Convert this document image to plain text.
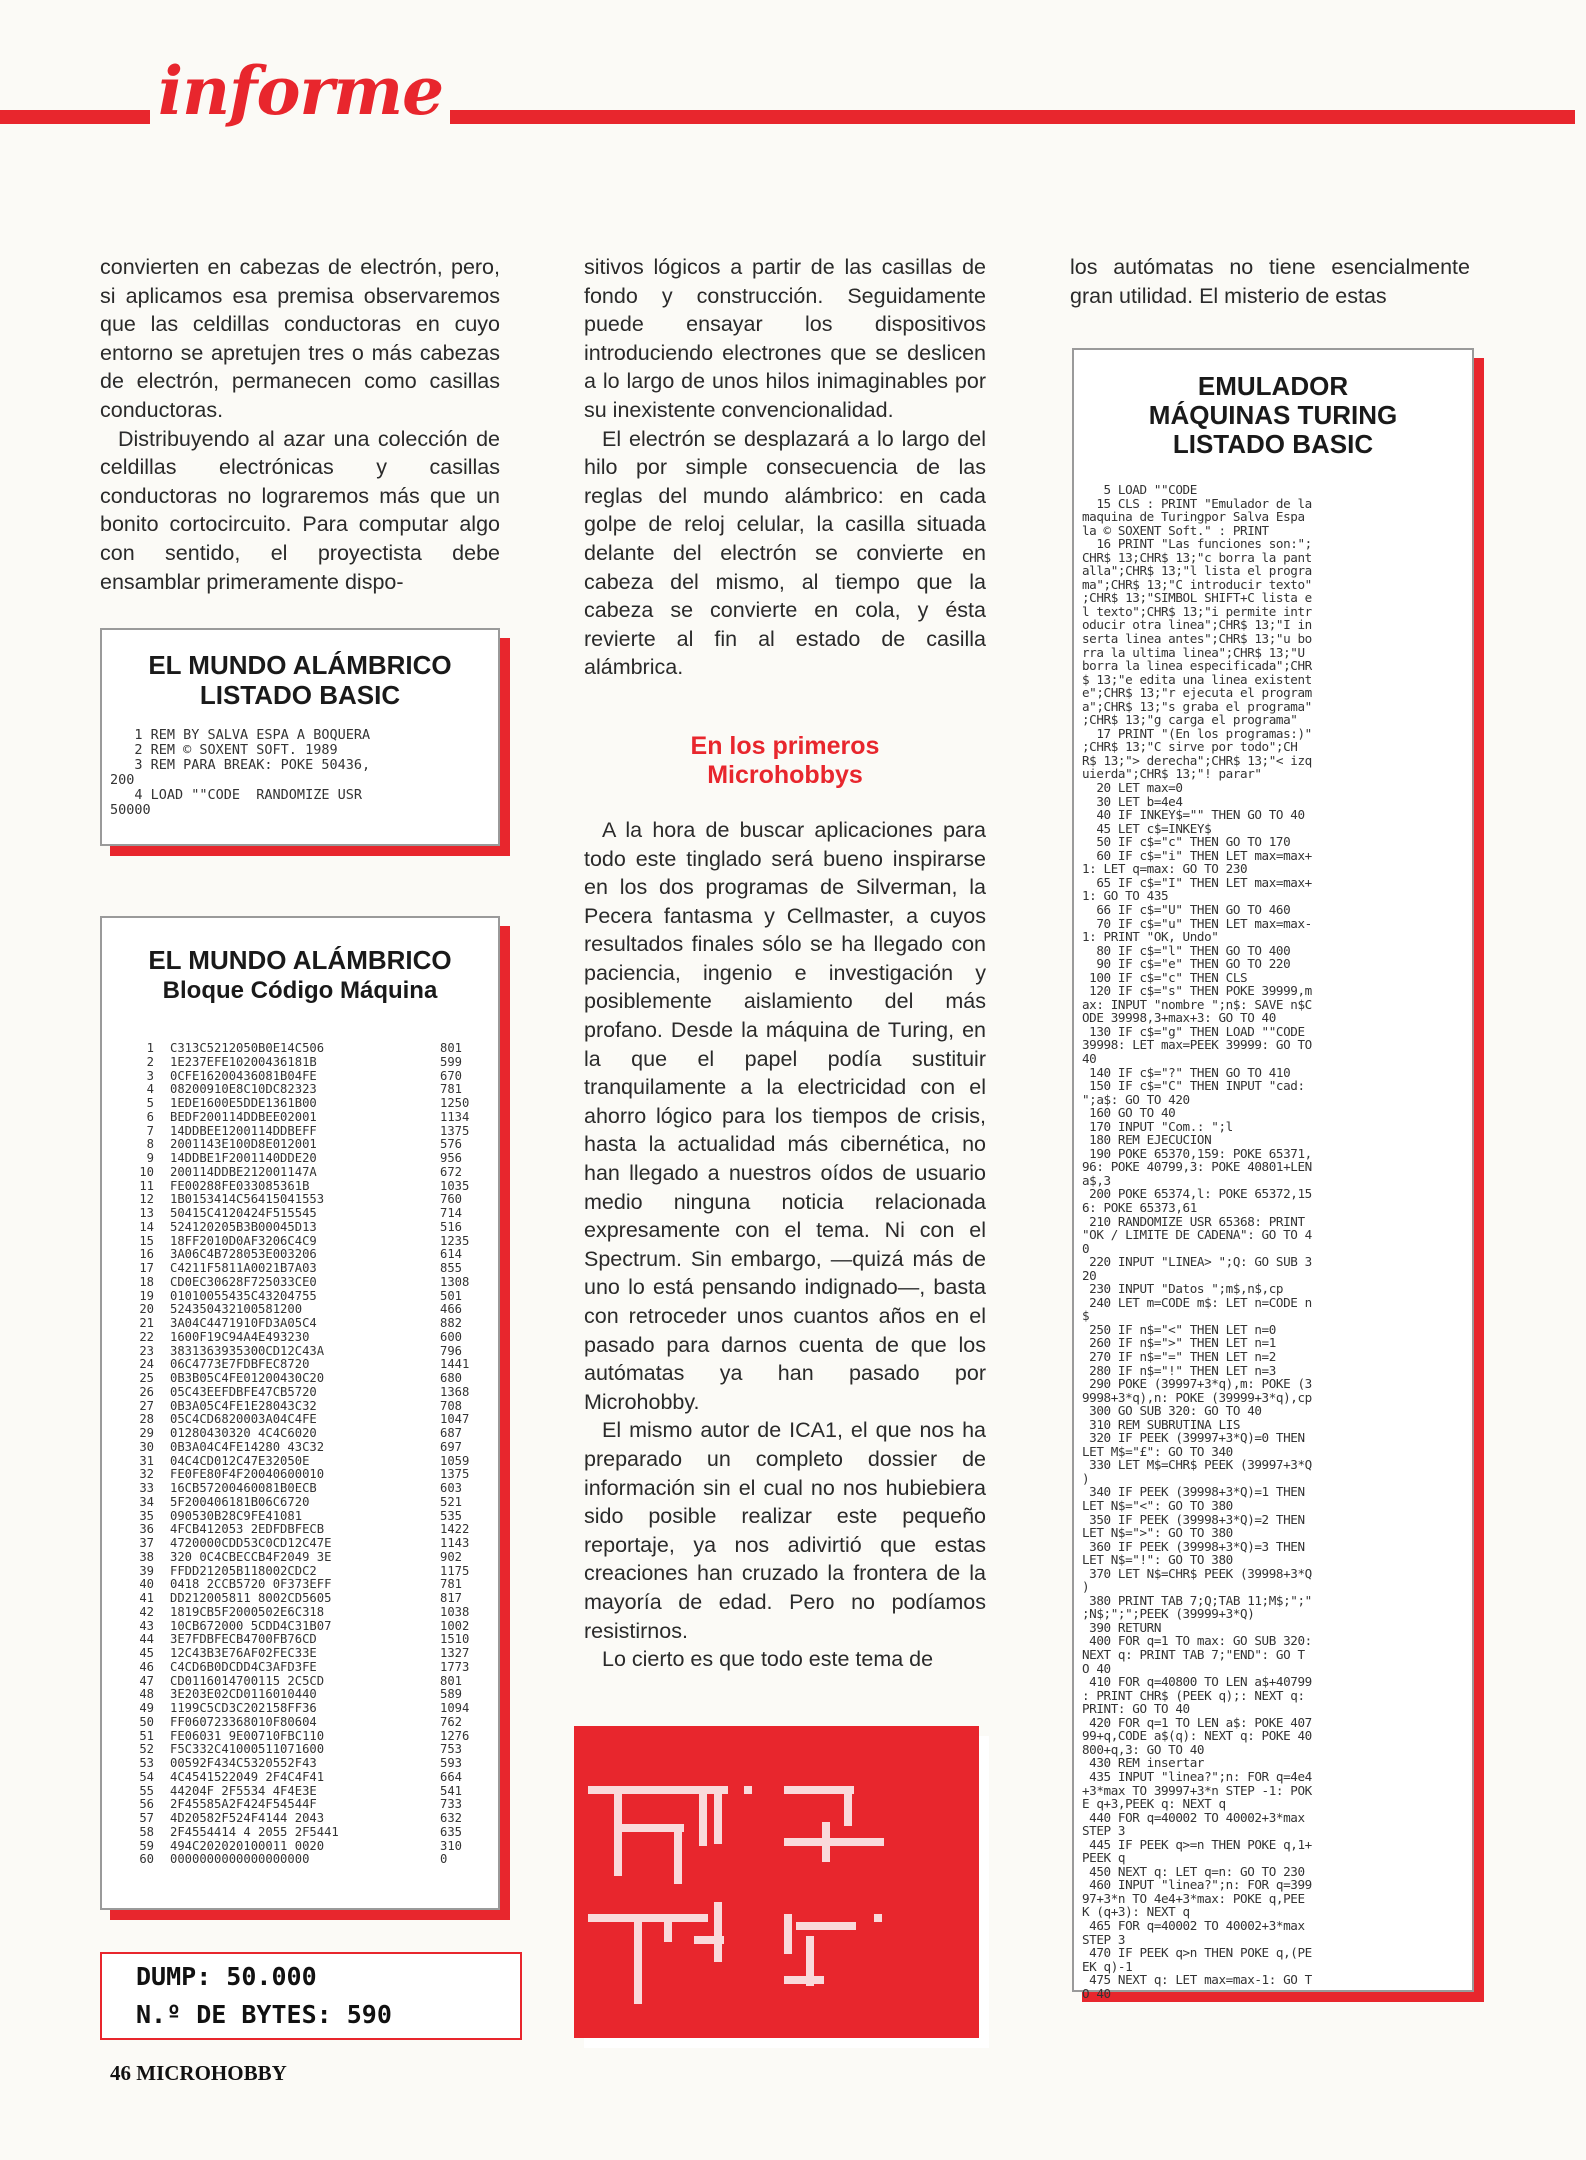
informe

convierten en cabezas de electrón, pero, si aplicamos esa premisa observaremos que las celdillas conductoras en cuyo entorno se apretujen tres o más cabezas de electrón, permanecen como casillas conductoras.

Distribuyendo al azar una colección de celdillas electrónicas y casillas conductoras no lograremos más que un bonito cortocircuito. Para computar algo con sentido, el proyectista debe ensamblar primeramente dispo-

EL MUNDO ALÁMBRICO
LISTADO BASIC
1 REM BY SALVA ESPA A BOQUERA
2 REM © SOXENT SOFT. 1989
3 REM PARA BREAK: POKE 50436,
200
4 LOAD ""CODE  RANDOMIZE USR
50000
EL MUNDO ALÁMBRICO
Bloque Código Máquina
1	C313C5212050B0E14C506	801
2	1E237EFE10200436181B	599
3	0CFE16200436081B04FE	670
4	08200910E8C10DC82323	781
5	1EDE1600E5DDE1361B00	1250
6	BEDF200114DDBEE02001	1134
7	14DDBEE1200114DDBEFF	1375
8	2001143E100D8E012001	576
9	14DDBE1F2001140DDE20	956
10	200114DDBE212001147A	672
11	FE00288FE033085361B	1035
12	1B0153414C56415041553	760
13	50415C4120424F515545	714
14	524120205B3B00045D13	516
15	18FF2010D0AF3206C4C9	1235
16	3A06C4B728053E003206	614
17	C4211F5811A0021B7A03	855
18	CD0EC30628F725033CE0	1308
19	01010055435C43204755	501
20	524350432100581200	466
21	3A04C4471910FD3A05C4	882
22	1600F19C94A4E493230	600
23	3831363935300CD12C43A	796
24	06C4773E7FDBFEC8720	1441
25	0B3B05C4FE01200430C20	680
26	05C43EEFDBFE47CB5720	1368
27	0B3A05C4FE1E28043C32	708
28	05C4CD6820003A04C4FE	1047
29	01280430320 4C4C6020	687
30	0B3A04C4FE14280 43C32	697
31	04C4CD012C47E32050E	1059
32	FE0FE80F4F20040600010	1375
33	16CB57200460081B0ECB	603
34	5F200406181B06C6720	521
35	090530B28C9FE41081	535
36	4FCB412053 2EDFDBFECB	1422
37	4720000CDD53C0CD12C47E	1143
38	320 0C4CBECCB4F2049 3E	902
39	FFDD21205B118002CDC2	1175
40	0418 2CCB5720 0F373EFF	781
41	DD212005811 8002CD5605	817
42	1819CB5F2000502E6C318	1038
43	10CB672000 5CDD4C31B07	1002
44	3E7FDBFECB4700FB76CD	1510
45	12C43B3E76AF02FEC33E	1327
46	C4CD6B0DCDD4C3AFD3FE	1773
47	CD0116014700115 2C5CD	801
48	3E203E02CD0116010440	589
49	1199C5CD3C202158FF36	1094
50	FF060723368010F80604	762
51	FE06031 9E00710FBC110	1276
52	F5C332C41000511071600	753
53	00592F434C5320552F43	593
54	4C4541522049 2F4C4F41	664
55	44204F 2F5534 4F4E3E	541
56	2F45585A2F424F54544F	733
57	4D20582F524F4144 2043	632
58	2F4554414 4 2055 2F5441	635
59	494C202020100011 0020	310
60	0000000000000000000	0
DUMP: 50.000
N.º DE BYTES: 590
46 MICROHOBBY

sitivos lógicos a partir de las casillas de fondo y construcción. Seguidamente puede ensayar los dispositivos introduciendo electrones que se deslicen a lo largo de unos hilos inimaginables por su inexistente convencionalidad.

El electrón se desplazará a lo largo del hilo por simple consecuencia de las reglas del mundo alámbrico: en cada golpe de reloj celular, la casilla situada delante del electrón se convierte en cabeza del mismo, al tiempo que la cabeza se convierte en cola, y ésta revierte al fin al estado de casilla alámbrica.

En los primeros
Microhobbys

A la hora de buscar aplicaciones para todo este tinglado será bueno inspirarse en los dos programas de Silverman, la Pecera fantasma y Cellmaster, a cuyos resultados finales sólo se ha llegado con paciencia, ingenio e investigación y posiblemente aislamiento del más profano. Desde la máquina de Turing, en la que el papel podía sustituir tranquilamente a la electricidad con el ahorro lógico para los tiempos de crisis, hasta la actualidad más cibernética, no han llegado a nuestros oídos de usuario medio ninguna noticia relacionada expresamente con el tema. Ni con el Spectrum. Sin embargo, —quizá más de uno lo está pensando indignado—, basta con retroceder unos cuantos años en el pasado para darnos cuenta de que los autómatas ya han pasado por Microhobby.

El mismo autor de ICA1, el que nos ha preparado un completo dossier de información sin el cual no nos hubiebiera sido posible realizar este pequeño reportaje, ya nos adivirtió que estas creaciones han cruzado la frontera de la mayoría de edad. Pero no podíamos resistirnos.

Lo cierto es que todo este tema de

los autómatas no tiene esencialmente gran utilidad. El misterio de estas

EMULADOR
MÁQUINAS TURING
LISTADO BASIC
5 LOAD ""CODE
15 CLS : PRINT "Emulador de la
maquina de Turingpor Salva Espa
la © SOXENT Soft." : PRINT
16 PRINT "Las funciones son:";
CHR$ 13;CHR$ 13;"c borra la pant
alla";CHR$ 13;"l lista el progra
ma";CHR$ 13;"C introducir texto"
;CHR$ 13;"SIMBOL SHIFT+C lista e
l texto";CHR$ 13;"i permite intr
oducir otra linea";CHR$ 13;"I in
serta linea antes";CHR$ 13;"u bo
rra la ultima linea";CHR$ 13;"U
borra la linea especificada";CHR
$ 13;"e edita una linea existent
e";CHR$ 13;"r ejecuta el program
a";CHR$ 13;"s graba el programa"
;CHR$ 13;"g carga el programa"
17 PRINT "(En los programas:)"
;CHR$ 13;"C sirve por todo";CH
R$ 13;"> derecha";CHR$ 13;"< izq
uierda";CHR$ 13;"! parar"
20 LET max=0
30 LET b=4e4
40 IF INKEY$="" THEN GO TO 40
45 LET c$=INKEY$
50 IF c$="c" THEN GO TO 170
60 IF c$="i" THEN LET max=max+
1: LET q=max: GO TO 230
65 IF c$="I" THEN LET max=max+
1: GO TO 435
66 IF c$="U" THEN GO TO 460
70 IF c$="u" THEN LET max=max-
1: PRINT "OK, Undo"
80 IF c$="l" THEN GO TO 400
90 IF c$="e" THEN GO TO 220
100 IF c$="c" THEN CLS
120 IF c$="s" THEN POKE 39999,m
ax: INPUT "nombre ";n$: SAVE n$C
ODE 39998,3+max+3: GO TO 40
130 IF c$="g" THEN LOAD ""CODE
39998: LET max=PEEK 39999: GO TO
40
140 IF c$="?" THEN GO TO 410
150 IF c$="C" THEN INPUT "cad:
";a$: GO TO 420
160 GO TO 40
170 INPUT "Com.: ";l
180 REM EJECUCION
190 POKE 65370,159: POKE 65371,
96: POKE 40799,3: POKE 40801+LEN
a$,3
200 POKE 65374,l: POKE 65372,15
6: POKE 65373,61
210 RANDOMIZE USR 65368: PRINT
"OK / LIMITE DE CADENA": GO TO 4
0
220 INPUT "LINEA> ";Q: GO SUB 3
20
230 INPUT "Datos ";m$,n$,cp
240 LET m=CODE m$: LET n=CODE n
$
250 IF n$="<" THEN LET n=0
260 IF n$=">" THEN LET n=1
270 IF n$="=" THEN LET n=2
280 IF n$="!" THEN LET n=3
290 POKE (39997+3*q),m: POKE (3
9998+3*q),n: POKE (39999+3*q),cp
300 GO SUB 320: GO TO 40
310 REM SUBRUTINA LIS
320 IF PEEK (39997+3*Q)=0 THEN
LET M$="£": GO TO 340
330 LET M$=CHR$ PEEK (39997+3*Q
)
340 IF PEEK (39998+3*Q)=1 THEN
LET N$="<": GO TO 380
350 IF PEEK (39998+3*Q)=2 THEN
LET N$=">": GO TO 380
360 IF PEEK (39998+3*Q)=3 THEN
LET N$="!": GO TO 380
370 LET N$=CHR$ PEEK (39998+3*Q
)
380 PRINT TAB 7;Q;TAB 11;M$;";"
;N$;";";PEEK (39999+3*Q)
390 RETURN
400 FOR q=1 TO max: GO SUB 320:
NEXT q: PRINT TAB 7;"END": GO T
O 40
410 FOR q=40800 TO LEN a$+40799
: PRINT CHR$ (PEEK q);: NEXT q:
PRINT: GO TO 40
420 FOR q=1 TO LEN a$: POKE 407
99+q,CODE a$(q): NEXT q: POKE 40
800+q,3: GO TO 40
430 REM insertar
435 INPUT "linea?";n: FOR q=4e4
+3*max TO 39997+3*n STEP -1: POK
E q+3,PEEK q: NEXT q
440 FOR q=40002 TO 40002+3*max
STEP 3
445 IF PEEK q>=n THEN POKE q,1+
PEEK q
450 NEXT q: LET q=n: GO TO 230
460 INPUT "linea?";n: FOR q=399
97+3*n TO 4e4+3*max: POKE q,PEE
K (q+3): NEXT q
465 FOR q=40002 TO 40002+3*max
STEP 3
470 IF PEEK q>n THEN POKE q,(PE
EK q)-1
475 NEXT q: LET max=max-1: GO T
O 40
